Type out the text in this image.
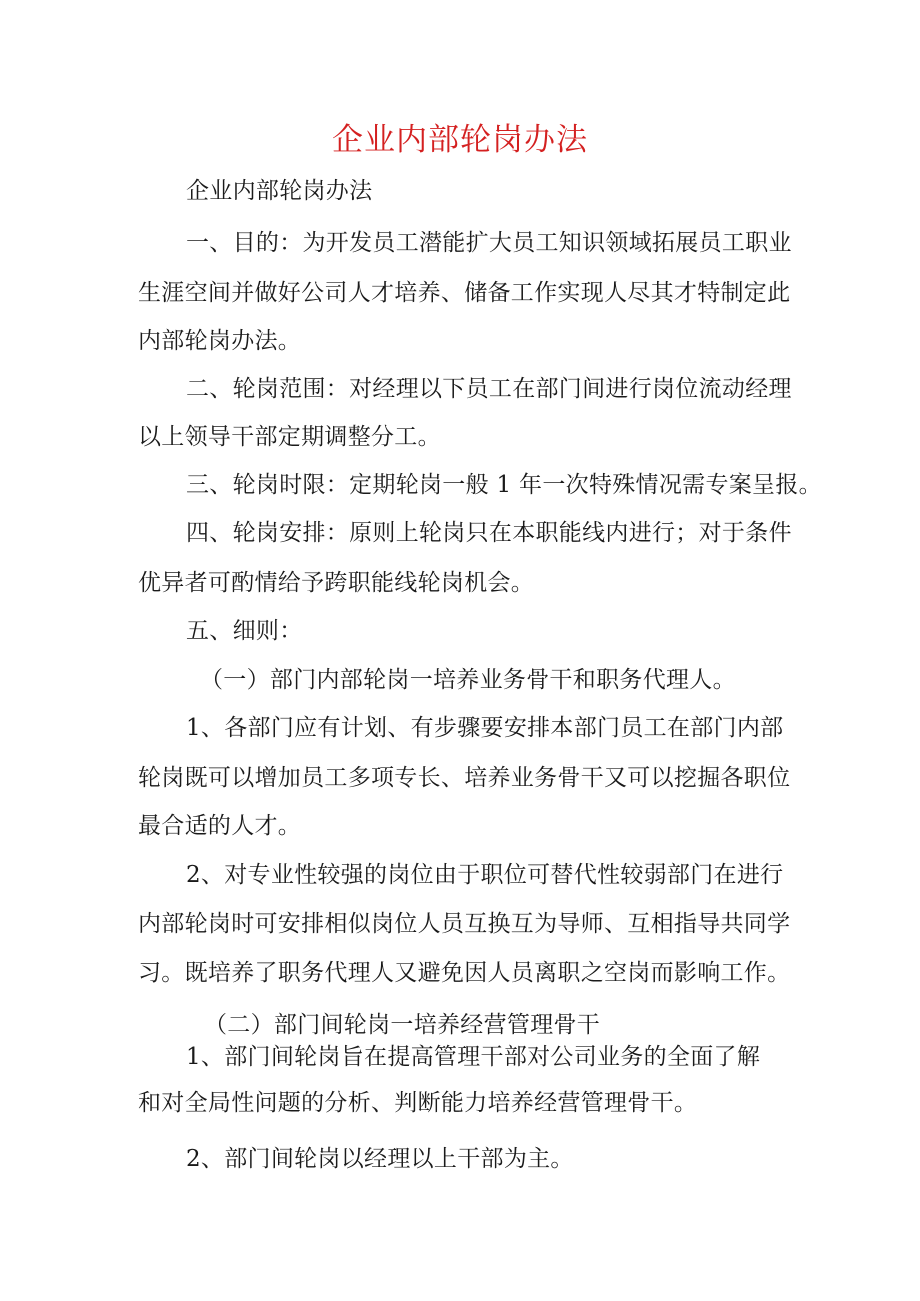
企业内部轮岗办法
企业内部轮岗办法
一、目的：为开发员工潜能扩大员工知识领域拓展员工职业
生涯空间并做好公司人才培养、储备工作实现人尽其才特制定此
内部轮岗办法。
二、轮岗范围：对经理以下员工在部门间进行岗位流动经理
以上领导干部定期调整分工。
三、轮岗时限：定期轮岗一般 1 年一次特殊情况需专案呈报。
四、轮岗安排：原则上轮岗只在本职能线内进行；对于条件
优异者可酌情给予跨职能线轮岗机会。
五、细则：
（一）部门内部轮岗一培养业务骨干和职务代理人。
1、各部门应有计划、有步骤要安排本部门员工在部门内部
轮岗既可以增加员工多项专长、培养业务骨干又可以挖掘各职位
最合适的人才。
2、对专业性较强的岗位由于职位可替代性较弱部门在进行
内部轮岗时可安排相似岗位人员互换互为导师、互相指导共同学
习。既培养了职务代理人又避免因人员离职之空岗而影响工作。
（二）部门间轮岗一培养经营管理骨干
1、部门间轮岗旨在提高管理干部对公司业务的全面了解
和对全局性问题的分析、判断能力培养经营管理骨干。
2、部门间轮岗以经理以上干部为主。
